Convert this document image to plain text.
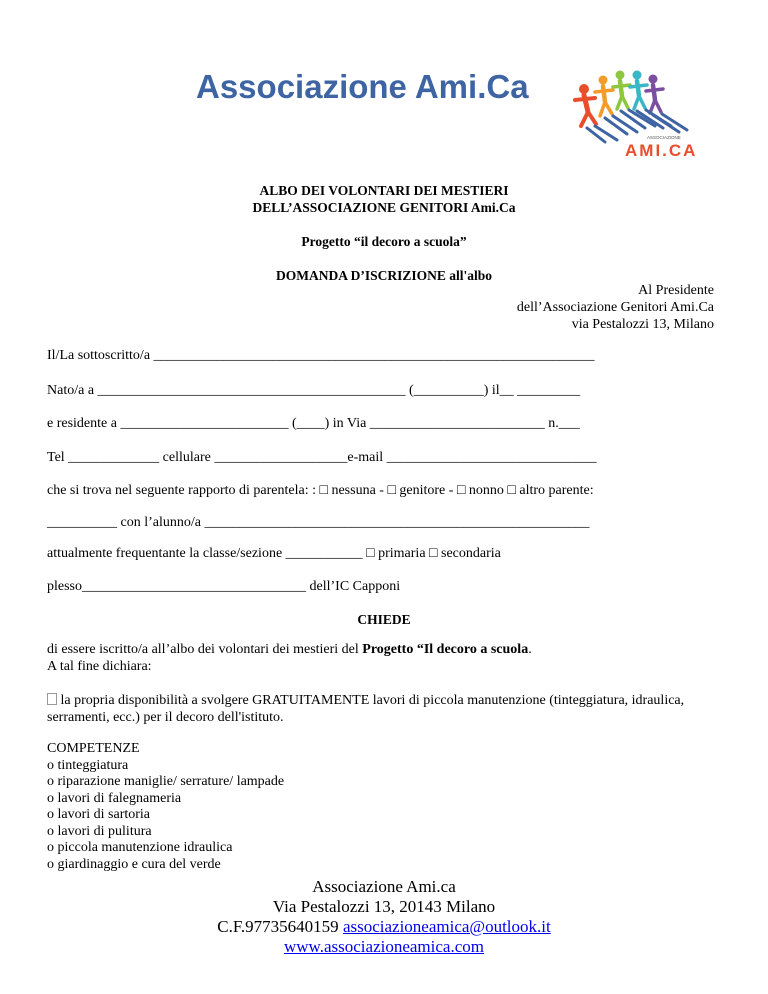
Associazione Ami.Ca
ASSOCIAZIONE
AMI.CA
ALBO DEI VOLONTARI DEI MESTIERI
DELL’ASSOCIAZIONE GENITORI Ami.Ca
Progetto “il decoro a scuola”
DOMANDA D’ISCRIZIONE all'albo
Al Presidente
dell’Associazione Genitori Ami.Ca
via Pestalozzi 13, Milano
Il/La sottoscritto/a _______________________________________________________________
Nato/a a ____________________________________________ (__________) il__ _________
e residente a ________________________ (____) in Via _________________________ n.___
Tel _____________ cellulare ___________________e-mail ______________________________
che si trova nel seguente rapporto di parentela: : □ nessuna - □ genitore - □ nonno □ altro parente:
__________ con l’alunno/a _______________________________________________________
attualmente frequentante la classe/sezione ___________ □ primaria □ secondaria
plesso________________________________ dell’IC Capponi
CHIEDE
di essere iscritto/a all’albo dei volontari dei mestieri del Progetto “Il decoro a scuola.
A tal fine dichiara:
la propria disponibilità a svolgere GRATUITAMENTE lavori di piccola manutenzione (tinteggiatura, idraulica, serramenti, ecc.) per il decoro dell'istituto.
COMPETENZE
o tinteggiatura
o riparazione maniglie/ serrature/ lampade
o lavori di falegnameria
o lavori di sartoria
o lavori di pulitura
o piccola manutenzione idraulica
o giardinaggio e cura del verde
Associazione Ami.ca
Via Pestalozzi 13, 20143 Milano
C.F.97735640159 associazioneamica@outlook.it
www.associazioneamica.com
